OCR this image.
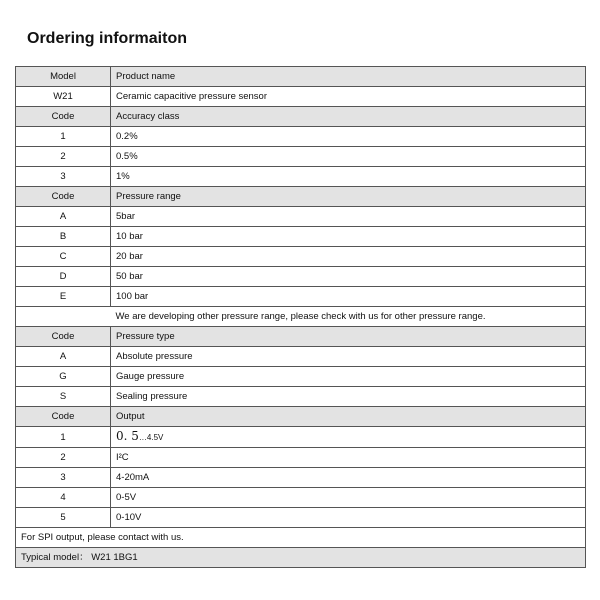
Ordering informaiton
Model	Product name
W21	Ceramic capacitive pressure sensor
Code	Accuracy class
1	0.2%
2	0.5%
3	1%
Code	Pressure range
A	5bar
B	10 bar
C	20 bar
D	50 bar
E	100 bar
We are developing other pressure range, please check with us for other pressure range.	
Code	Pressure type
A	Absolute pressure
G	Gauge pressure
S	Sealing pressure
Code	Output
1	0. 5…4.5V
2	I²C
3	4-20mA
4	0-5V
5	0-10V
For SPI output, please contact with us.	
Typical model： W21 1BG1	
